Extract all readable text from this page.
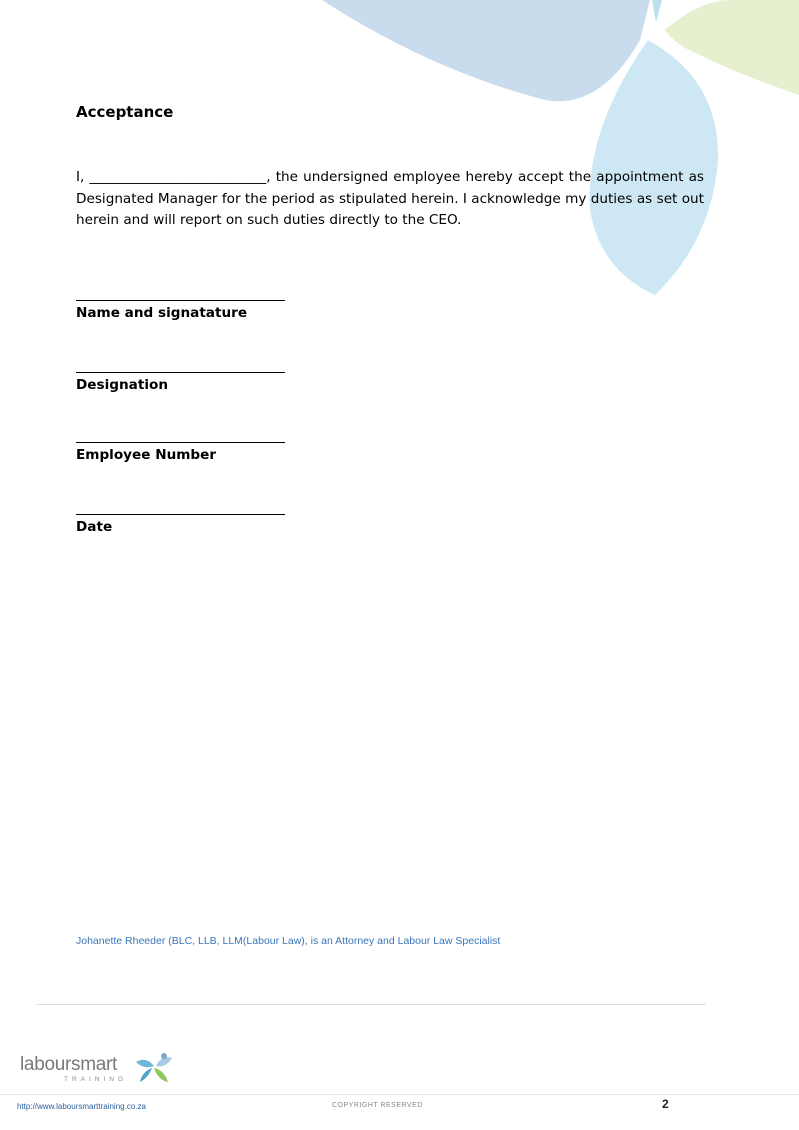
Acceptance

I, __________________________, the undersigned employee hereby accept the appointment as Designated Manager for the period as stipulated herein. I acknowledge my duties as set out herein and will report on such duties directly to the CEO.

Name and signatature
Designation
Employee Number
Date
Johanette Rheeder (BLC, LLB, LLM(Labour Law), is an Attorney and Labour Law Specialist
laboursmart
TRAINING
http://www.laboursmarttraining.co.za	COPYRIGHT RESERVED	2
